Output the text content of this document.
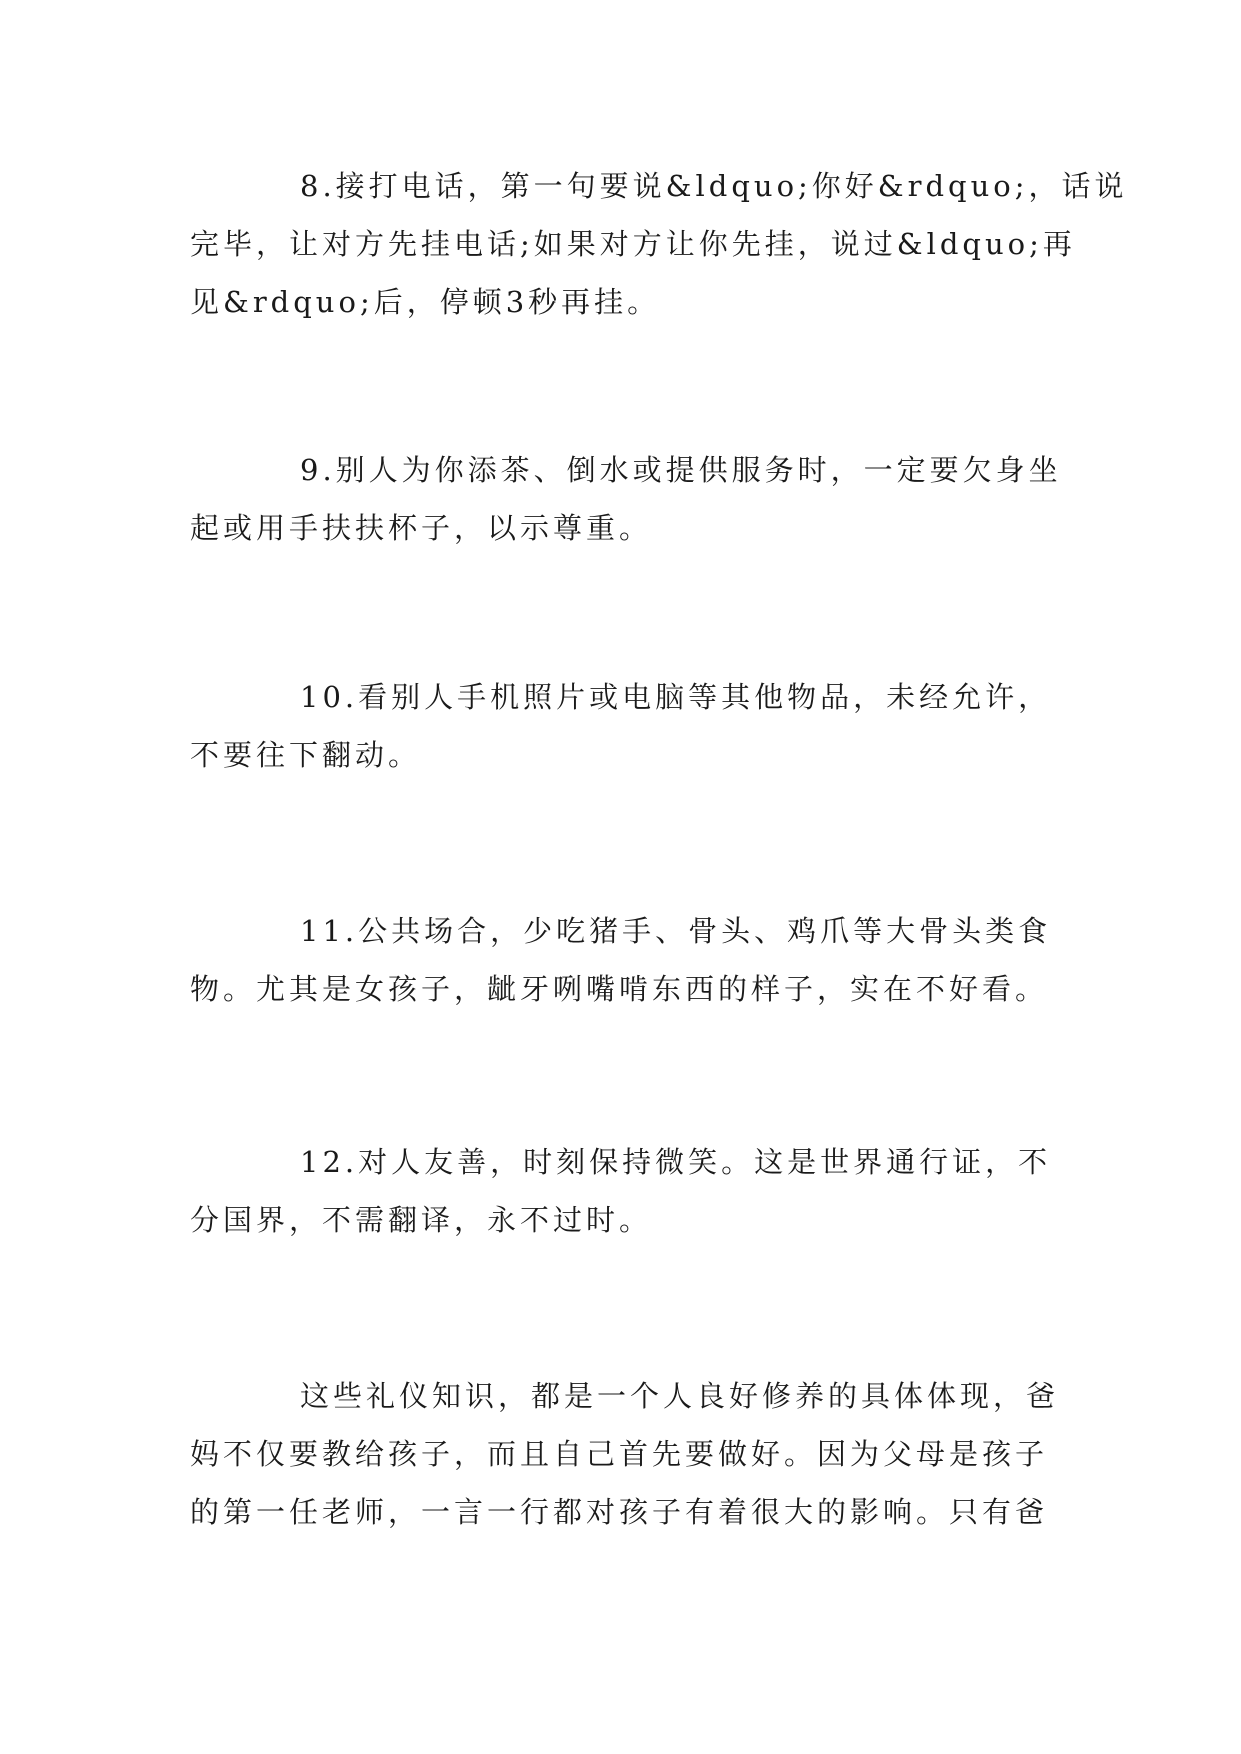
8.接打电话，第一句要说&ldquo;你好&rdquo;，话说
完毕，让对方先挂电话;如果对方让你先挂，说过&ldquo;再
见&rdquo;后，停顿3秒再挂。

9.别人为你添茶、倒水或提供服务时，一定要欠身坐
起或用手扶扶杯子，以示尊重。

10.看别人手机照片或电脑等其他物品，未经允许，
不要往下翻动。

11.公共场合，少吃猪手、骨头、鸡爪等大骨头类食
物。尤其是女孩子，龇牙咧嘴啃东西的样子，实在不好看。

12.对人友善，时刻保持微笑。这是世界通行证，不
分国界，不需翻译，永不过时。

这些礼仪知识，都是一个人良好修养的具体体现，爸
妈不仅要教给孩子，而且自己首先要做好。因为父母是孩子
的第一任老师，一言一行都对孩子有着很大的影响。只有爸
